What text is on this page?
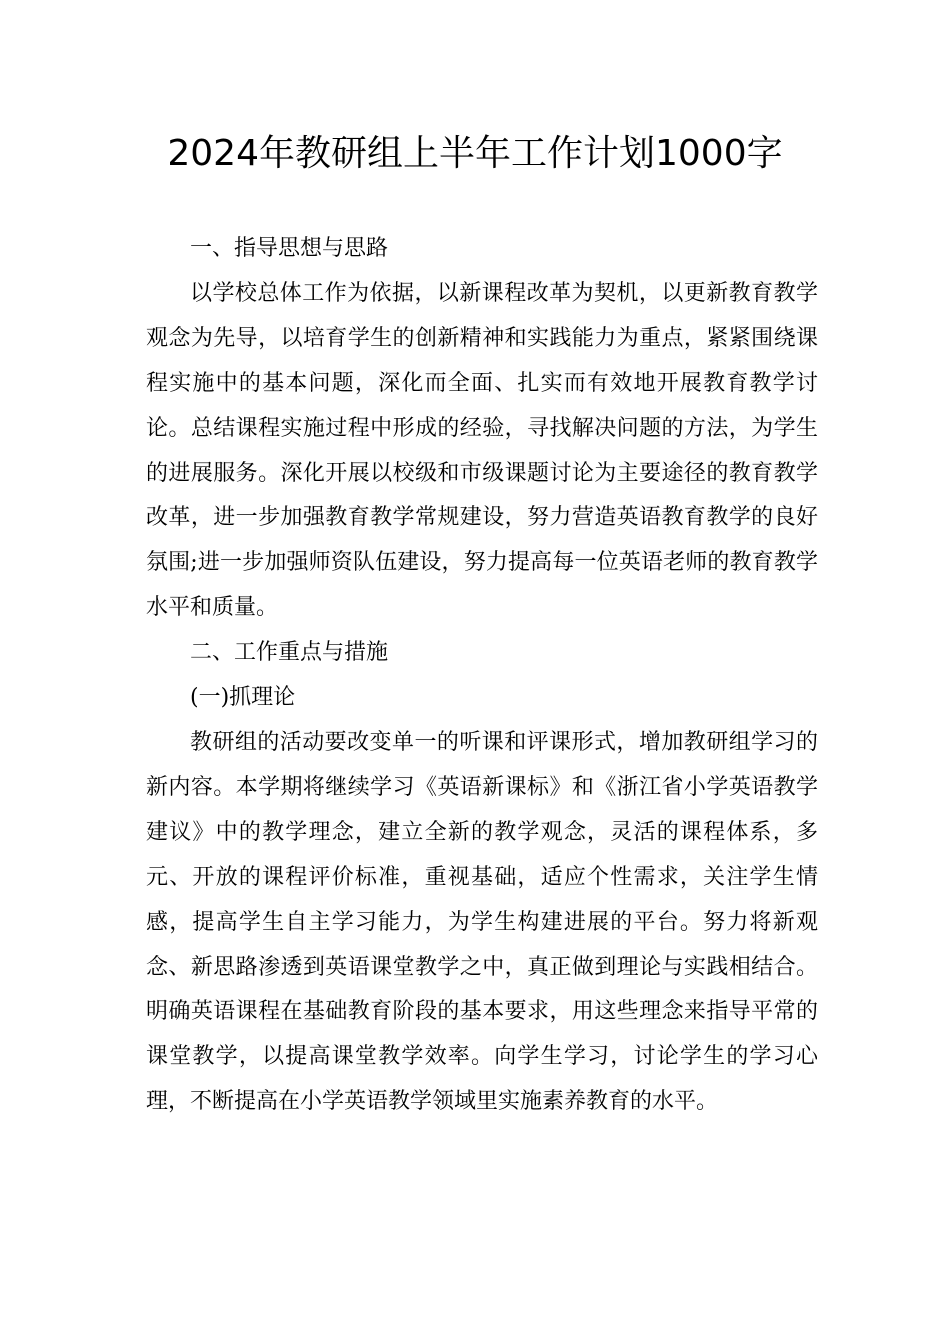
2024年教研组上半年工作计划1000字

一、指导思想与思路

以学校总体工作为依据，以新课程改革为契机，以更新教育教学观念为先导，以培育学生的创新精神和实践能力为重点，紧紧围绕课程实施中的基本问题，深化而全面、扎实而有效地开展教育教学讨论。总结课程实施过程中形成的经验，寻找解决问题的方法，为学生的进展服务。深化开展以校级和市级课题讨论为主要途径的教育教学改革，进一步加强教育教学常规建设，努力营造英语教育教学的良好氛围;进一步加强师资队伍建设，努力提高每一位英语老师的教育教学水平和质量。

二、工作重点与措施

(一)抓理论

教研组的活动要改变单一的听课和评课形式，增加教研组学习的新内容。本学期将继续学习《英语新课标》和《浙江省小学英语教学建议》中的教学理念，建立全新的教学观念，灵活的课程体系，多元、开放的课程评价标准，重视基础，适应个性需求，关注学生情感，提高学生自主学习能力，为学生构建进展的平台。努力将新观念、新思路渗透到英语课堂教学之中，真正做到理论与实践相结合。明确英语课程在基础教育阶段的基本要求，用这些理念来指导平常的课堂教学，以提高课堂教学效率。向学生学习，讨论学生的学习心理，不断提高在小学英语教学领域里实施素养教育的水平。
